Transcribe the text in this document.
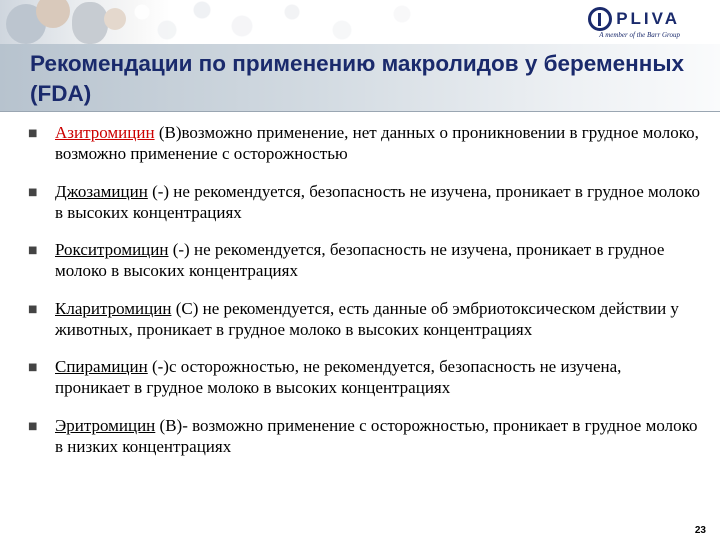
PLIVA
A member of the Barr Group
Рекомендации по применению макролидов у беременных (FDA)
■	Азитромицин (В)возможно применение, нет данных о проникновении в грудное молоко, возможно применение с осторожностью
■	Джозамицин (-) не рекомендуется, безопасность не изучена, проникает в грудное молоко в высоких концентрациях
■	Рокситромицин (-) не рекомендуется, безопасность не изучена, проникает в грудное молоко в высоких концентрациях
■	Кларитромицин (С) не рекомендуется, есть данные об эмбриотоксическом действии у животных, проникает в грудное молоко в высоких концентрациях
■	Спирамицин (-)с осторожностью, не рекомендуется, безопасность не изучена, проникает в грудное молоко в высоких концентрациях
■	Эритромицин (В)- возможно применение с осторожностью, проникает в грудное молоко в низких концентрациях
23
